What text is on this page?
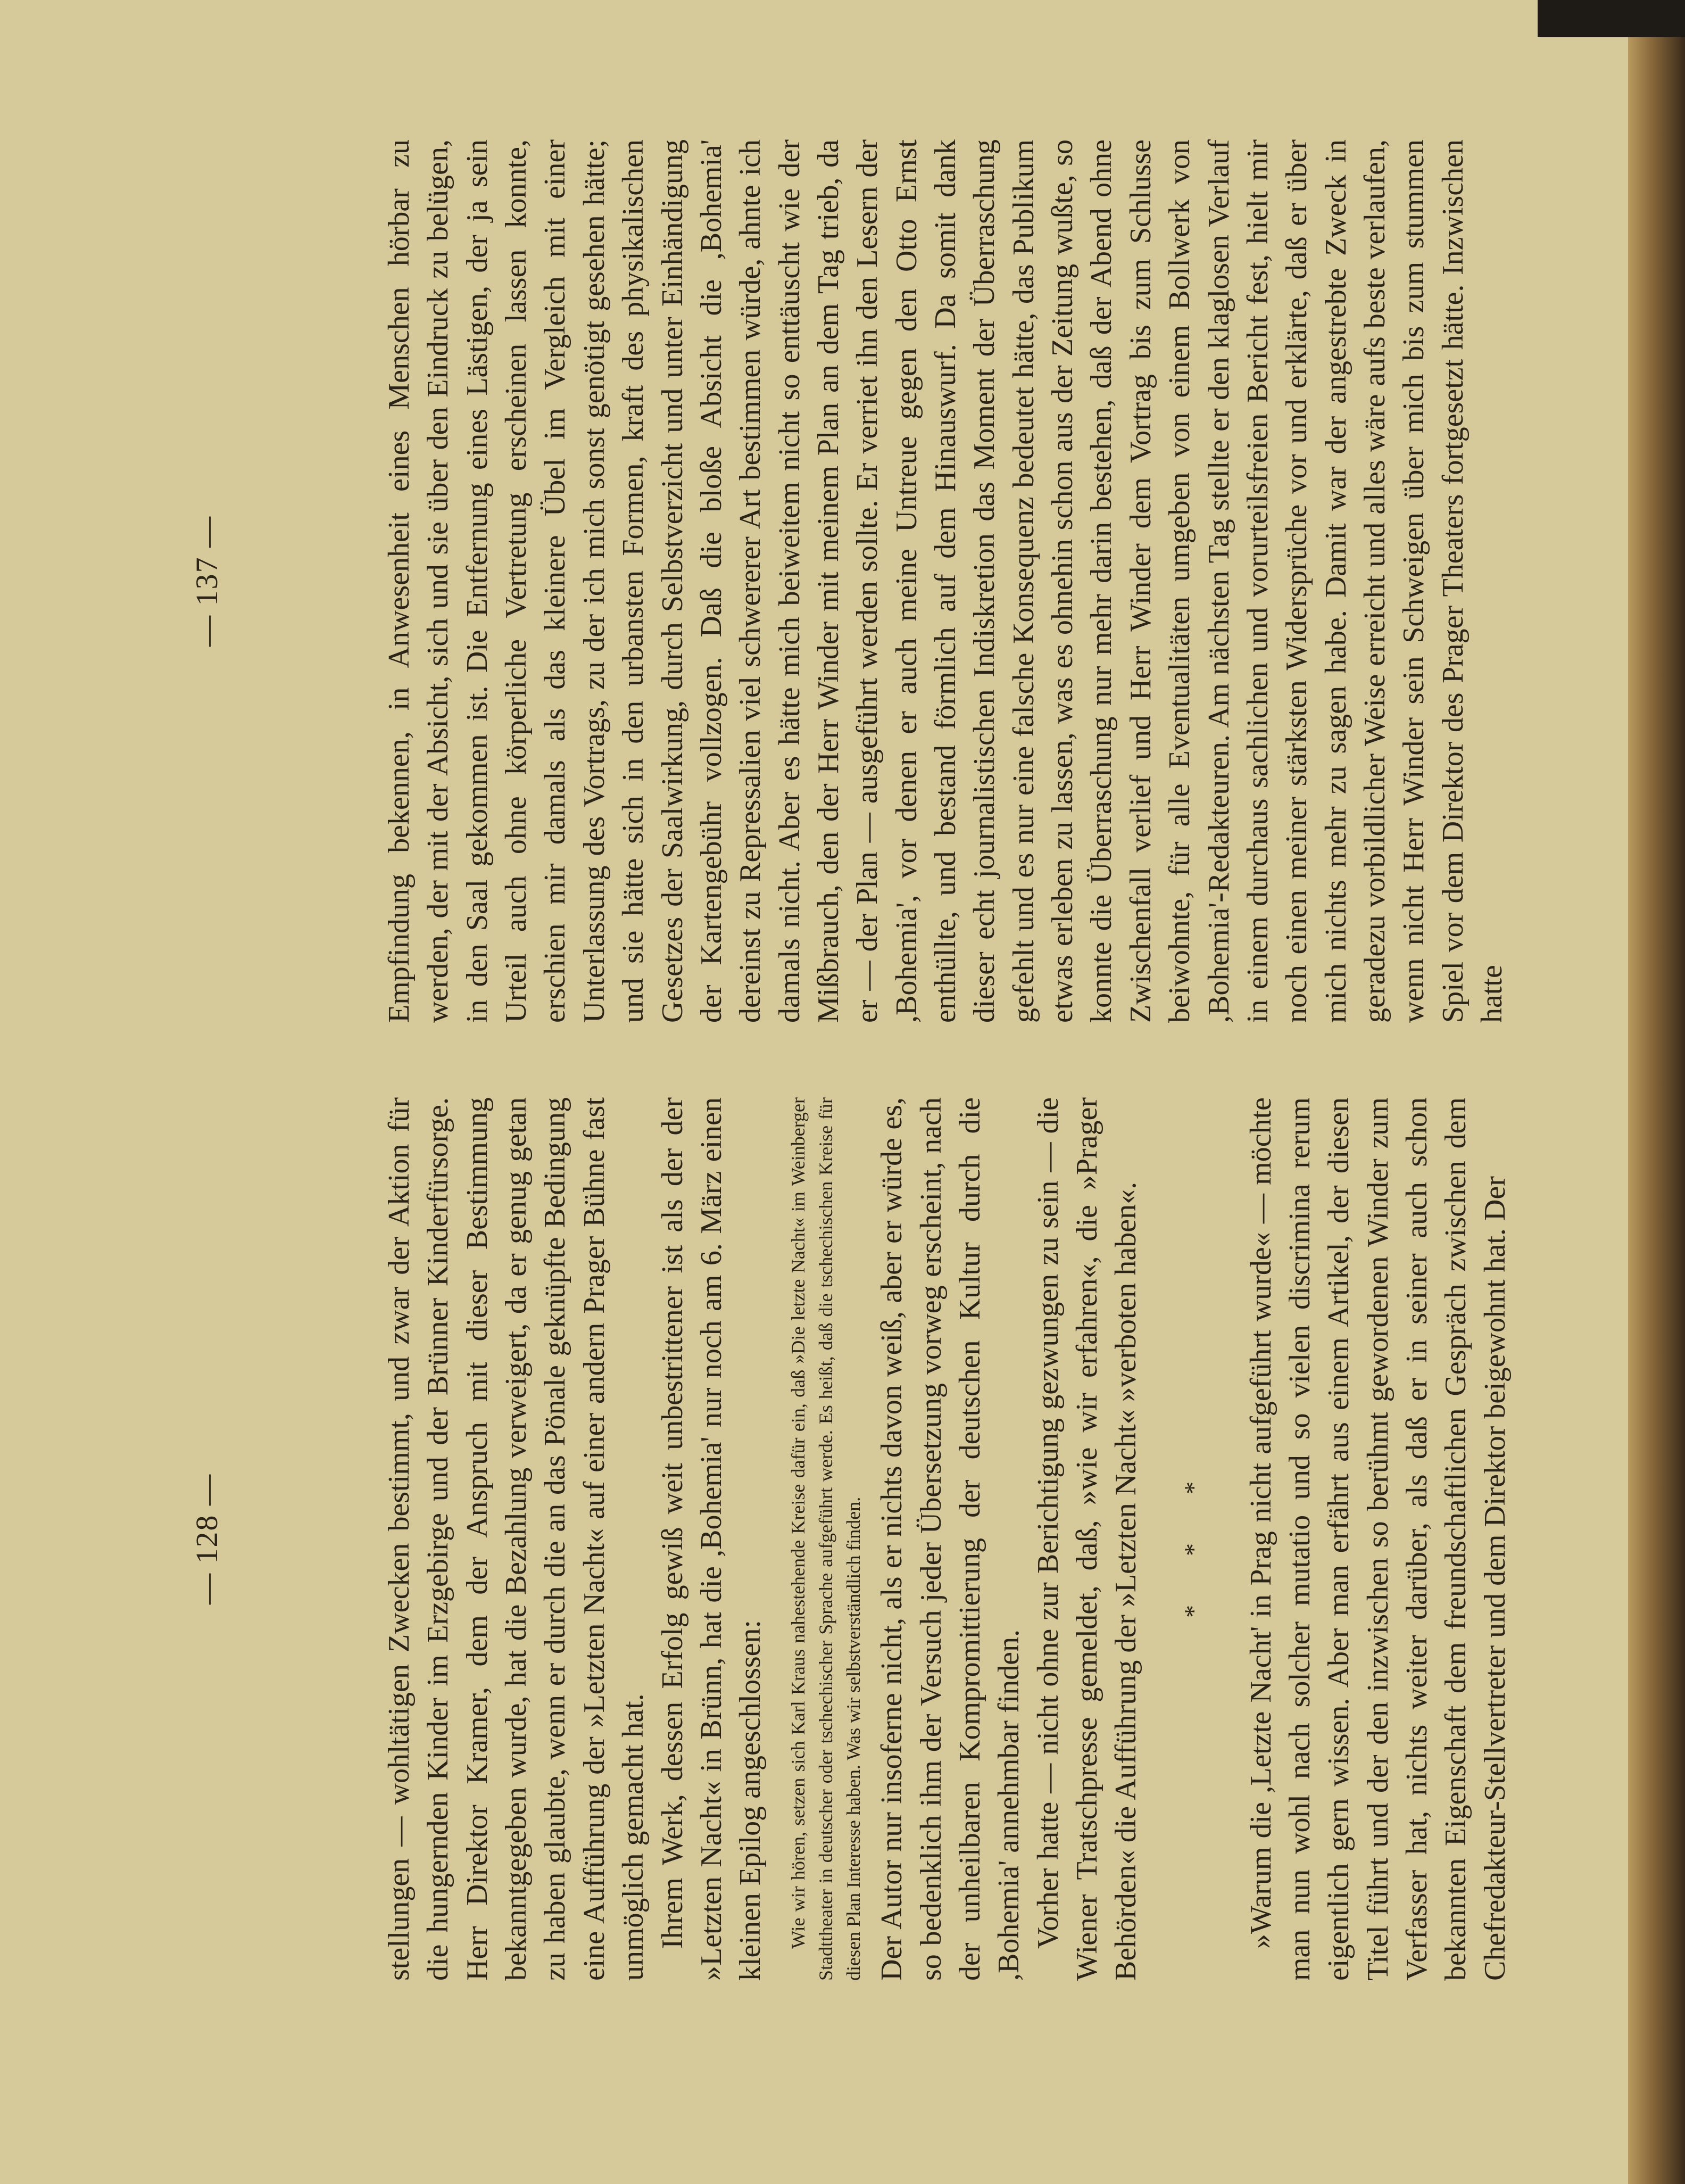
— 128 —	stellungen — wohltätigen Zwecken bestimmt, und zwar der Aktion für die hungernden Kinder im Erzgebirge und der Brünner Kinderfürsorge. Herr Direktor Kramer, dem der Anspruch mit dieser Bestimmung bekanntgegeben wurde, hat die Bezahlung verweigert, da er genug getan zu haben glaubte, wenn er durch die an das Pönale geknüpfte Bedingung eine Aufführung der »Letzten Nacht« auf einer andern Prager Bühne fast unmöglich gemacht hat. Ihrem Werk, dessen Erfolg gewiß weit unbestrittener ist als der der »Letzten Nacht« in Brünn, hat die ,Bohemia' nur noch am 6. März einen kleinen Epilog angeschlossen: Wie wir hören, setzen sich Karl Kraus nahestehende Kreise dafür ein, daß »Die letzte Nacht« im Weinberger Stadttheater in deutscher oder tschechischer Sprache aufgeführt werde. Es heißt, daß die tschechischen Kreise für diesen Plan Interesse haben. Was wir selbstverständlich finden. Der Autor nur insoferne nicht, als er nichts davon weiß, aber er würde es, so bedenklich ihm der Versuch jeder Übersetzung vorweg erscheint, nach der unheilbaren Kompromittierung der deutschen Kultur durch die ,Bohemia' annehmbar finden. Vorher hatte — nicht ohne zur Berichtigung gezwungen zu sein — die Wiener Tratschpresse gemeldet, daß, »wie wir erfahren«, die »Prager Behörden« die Aufführung der »Letzten Nacht« »verboten haben«.	* * *	»Warum die ,Letzte Nacht' in Prag nicht aufgeführt wurde« — möchte man nun wohl nach solcher mutatio und so vielen discrimina rerum eigentlich gern wissen. Aber man erfährt aus einem Artikel, der diesen Titel führt und der den inzwischen so berühmt gewordenen Winder zum Verfasser hat, nichts weiter darüber, als daß er in seiner auch schon bekannten Eigenschaft dem freundschaftlichen Gespräch zwischen dem Chefredakteur-Stellvertreter und dem Direktor beigewohnt hat. Der

— 137 —	Empfindung bekennen, in Anwesenheit eines Menschen hörbar zu werden, der mit der Absicht, sich und sie über den Eindruck zu belügen, in den Saal gekommen ist. Die Entfernung eines Lästigen, der ja sein Urteil auch ohne körperliche Vertretung erscheinen lassen konnte, erschien mir damals als das kleinere Übel im Vergleich mit einer Unterlassung des Vortrags, zu der ich mich sonst genötigt gesehen hätte; und sie hätte sich in den urbansten Formen, kraft des physikalischen Gesetzes der Saalwirkung, durch Selbstverzicht und unter Einhändigung der Kartengebühr vollzogen. Daß die bloße Absicht die ,Bohemia' dereinst zu Repressalien viel schwererer Art bestimmen würde, ahnte ich damals nicht. Aber es hätte mich beiweitem nicht so enttäuscht wie der Mißbrauch, den der Herr Winder mit meinem Plan an dem Tag trieb, da er — der Plan — ausgeführt werden sollte. Er verriet ihn den Lesern der ,Bohemia', vor denen er auch meine Untreue gegen den Otto Ernst enthüllte, und bestand förmlich auf dem Hinauswurf. Da somit dank dieser echt journalistischen Indiskretion das Moment der Überraschung gefehlt und es nur eine falsche Konsequenz bedeutet hätte, das Publikum etwas erleben zu lassen, was es ohnehin schon aus der Zeitung wußte, so konnte die Überraschung nur mehr darin bestehen, daß der Abend ohne Zwischenfall verlief und Herr Winder dem Vortrag bis zum Schlusse beiwohnte, für alle Eventualitäten umgeben von einem Bollwerk von ,Bohemia'-Redakteuren. Am nächsten Tag stellte er den klaglosen Verlauf in einem durchaus sachlichen und vorurteilsfreien Bericht fest, hielt mir noch einen meiner stärksten Widersprüche vor und erklärte, daß er über mich nichts mehr zu sagen habe. Damit war der angestrebte Zweck in geradezu vorbildlicher Weise erreicht und alles wäre aufs beste verlaufen, wenn nicht Herr Winder sein Schweigen über mich bis zum stummen Spiel vor dem Direktor des Prager Theaters fortgesetzt hätte. Inzwischen hatte
